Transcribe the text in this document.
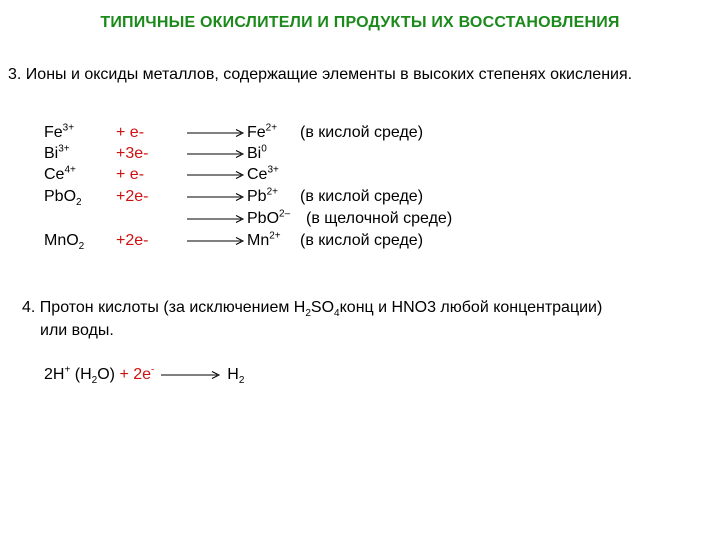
ТИПИЧНЫЕ ОКИСЛИТЕЛИ И ПРОДУКТЫ ИХ ВОССТАНОВЛЕНИЯ
3. Ионы и оксиды металлов, содержащие элементы в высоких степенях окисления.
$Fe^{3+}$	+ e-	→ $Fe^{2+}$ (в кислой среде)
$Bi^{3+}$	$+3e- \to Bi^0$
$Ce^{4+}$	+ e-	→ $Ce^{3+}$
$PbO_2 +2e- \to Pb^{2+}$ (в кислой среде)
→ PbO$^{2-}$ (в щелочной среде)
$MnO_2 +2e- \to Mn^{2+}$ (в кислой среде)
4. Протон кислоты (за исключением $H_2SO_4конц$ и HNO3 любой концентрации)
или воды.
2H+ $(H_2O) + 2e^- \to H_2$
